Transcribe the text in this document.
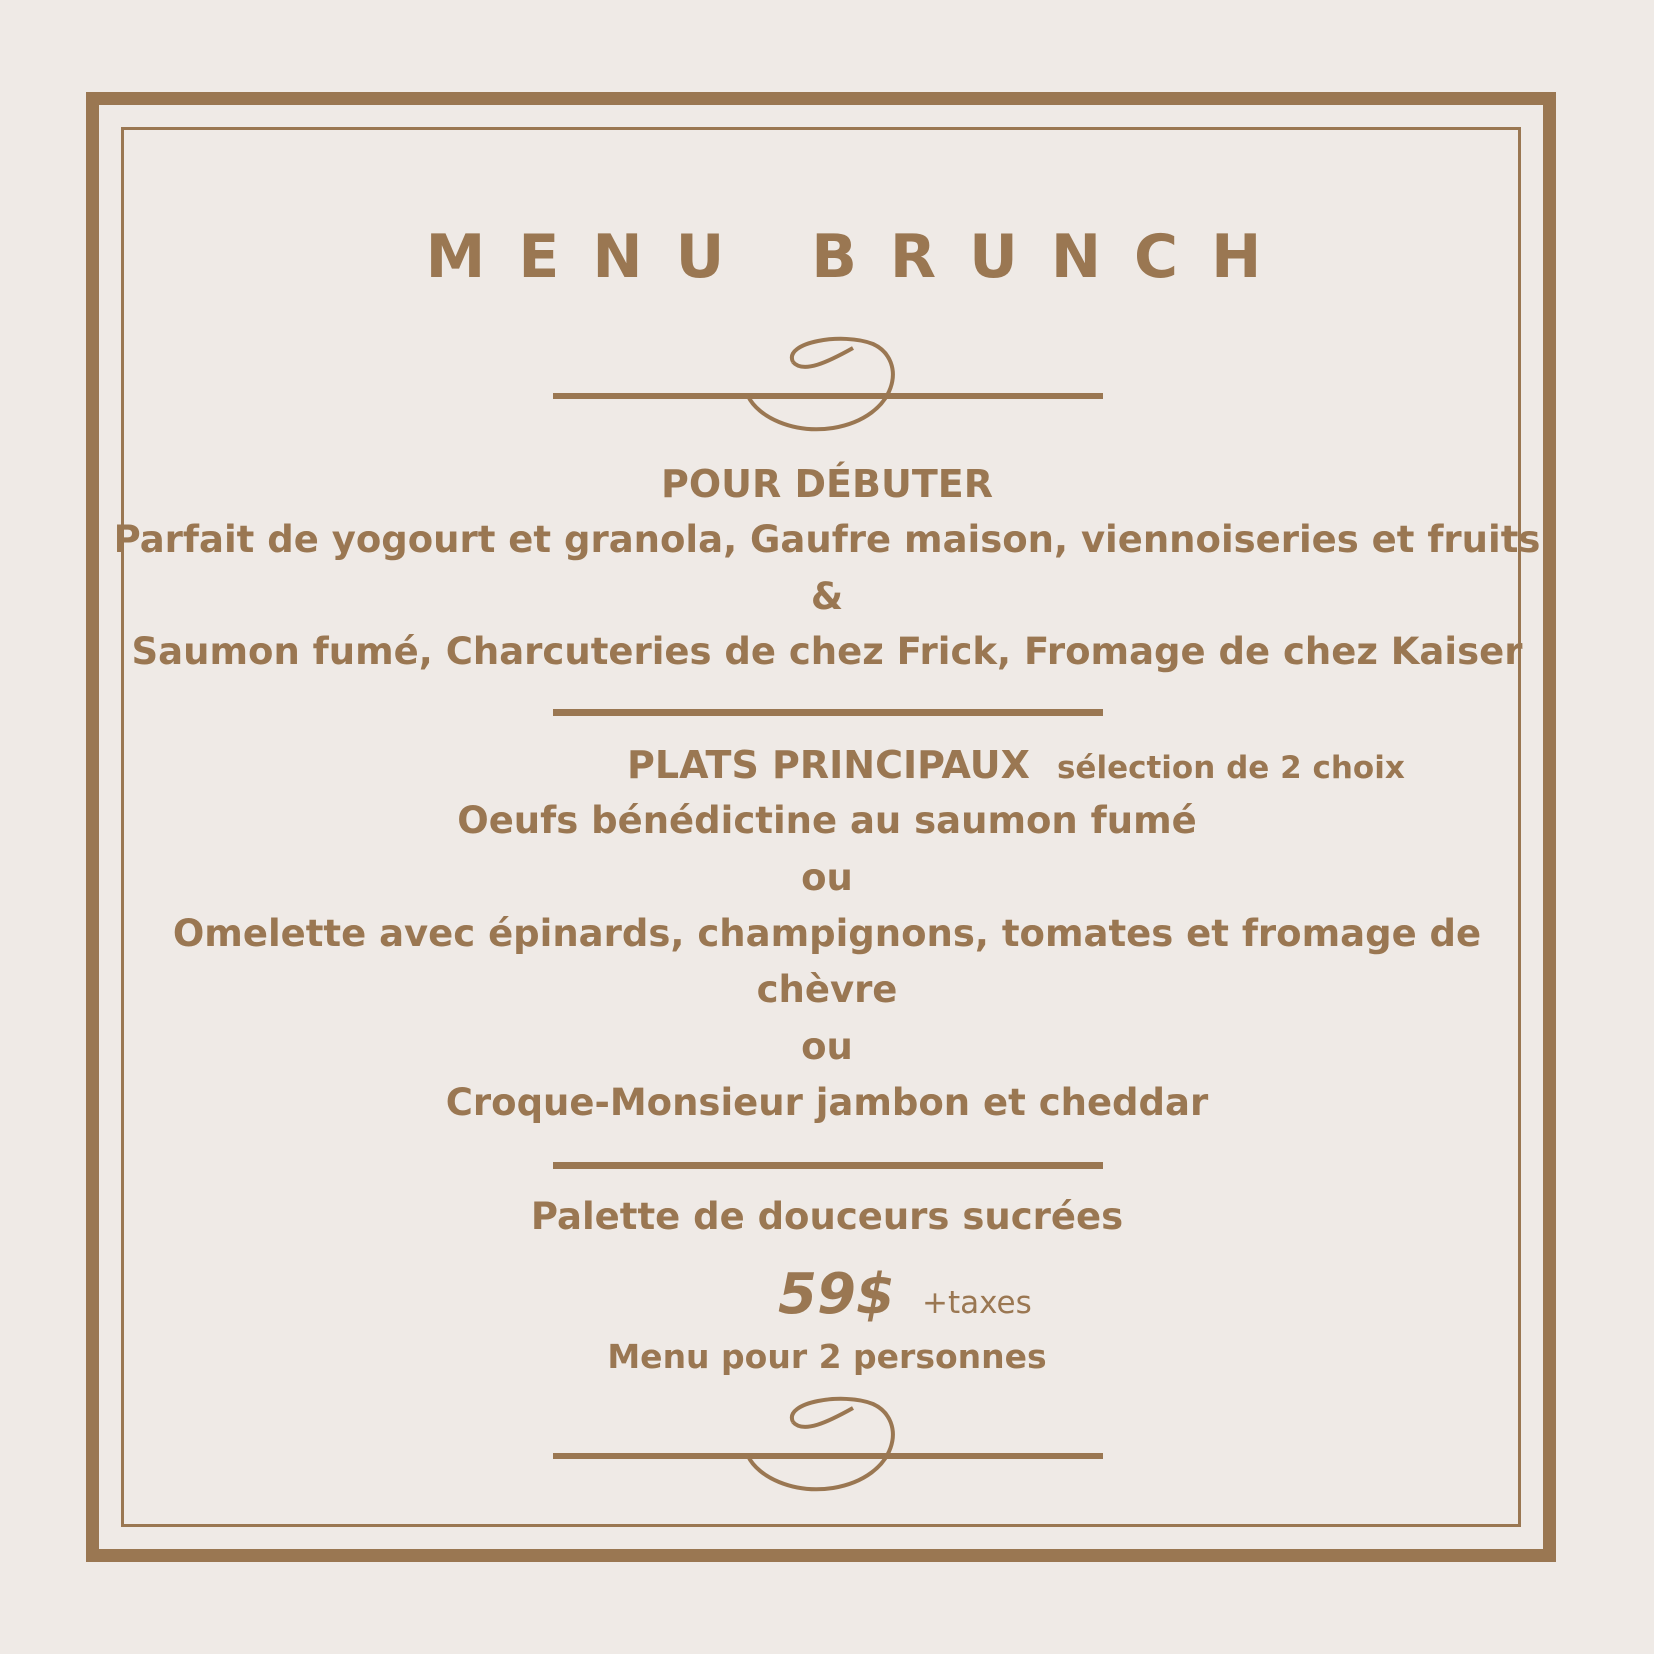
MENU BRUNCH
POUR DÉBUTER
Parfait de yogourt et granola, Gaufre maison, viennoiseries et fruits
&
Saumon fumé, Charcuteries de chez Frick, Fromage de chez Kaiser
PLATS PRINCIPAUX sélection de 2 choix
Oeufs bénédictine au saumon fumé
ou
Omelette avec épinards, champignons, tomates et fromage de
chèvre
ou
Croque-Monsieur jambon et cheddar
Palette de douceurs sucrées
59$ +taxes
Menu pour 2 personnes
